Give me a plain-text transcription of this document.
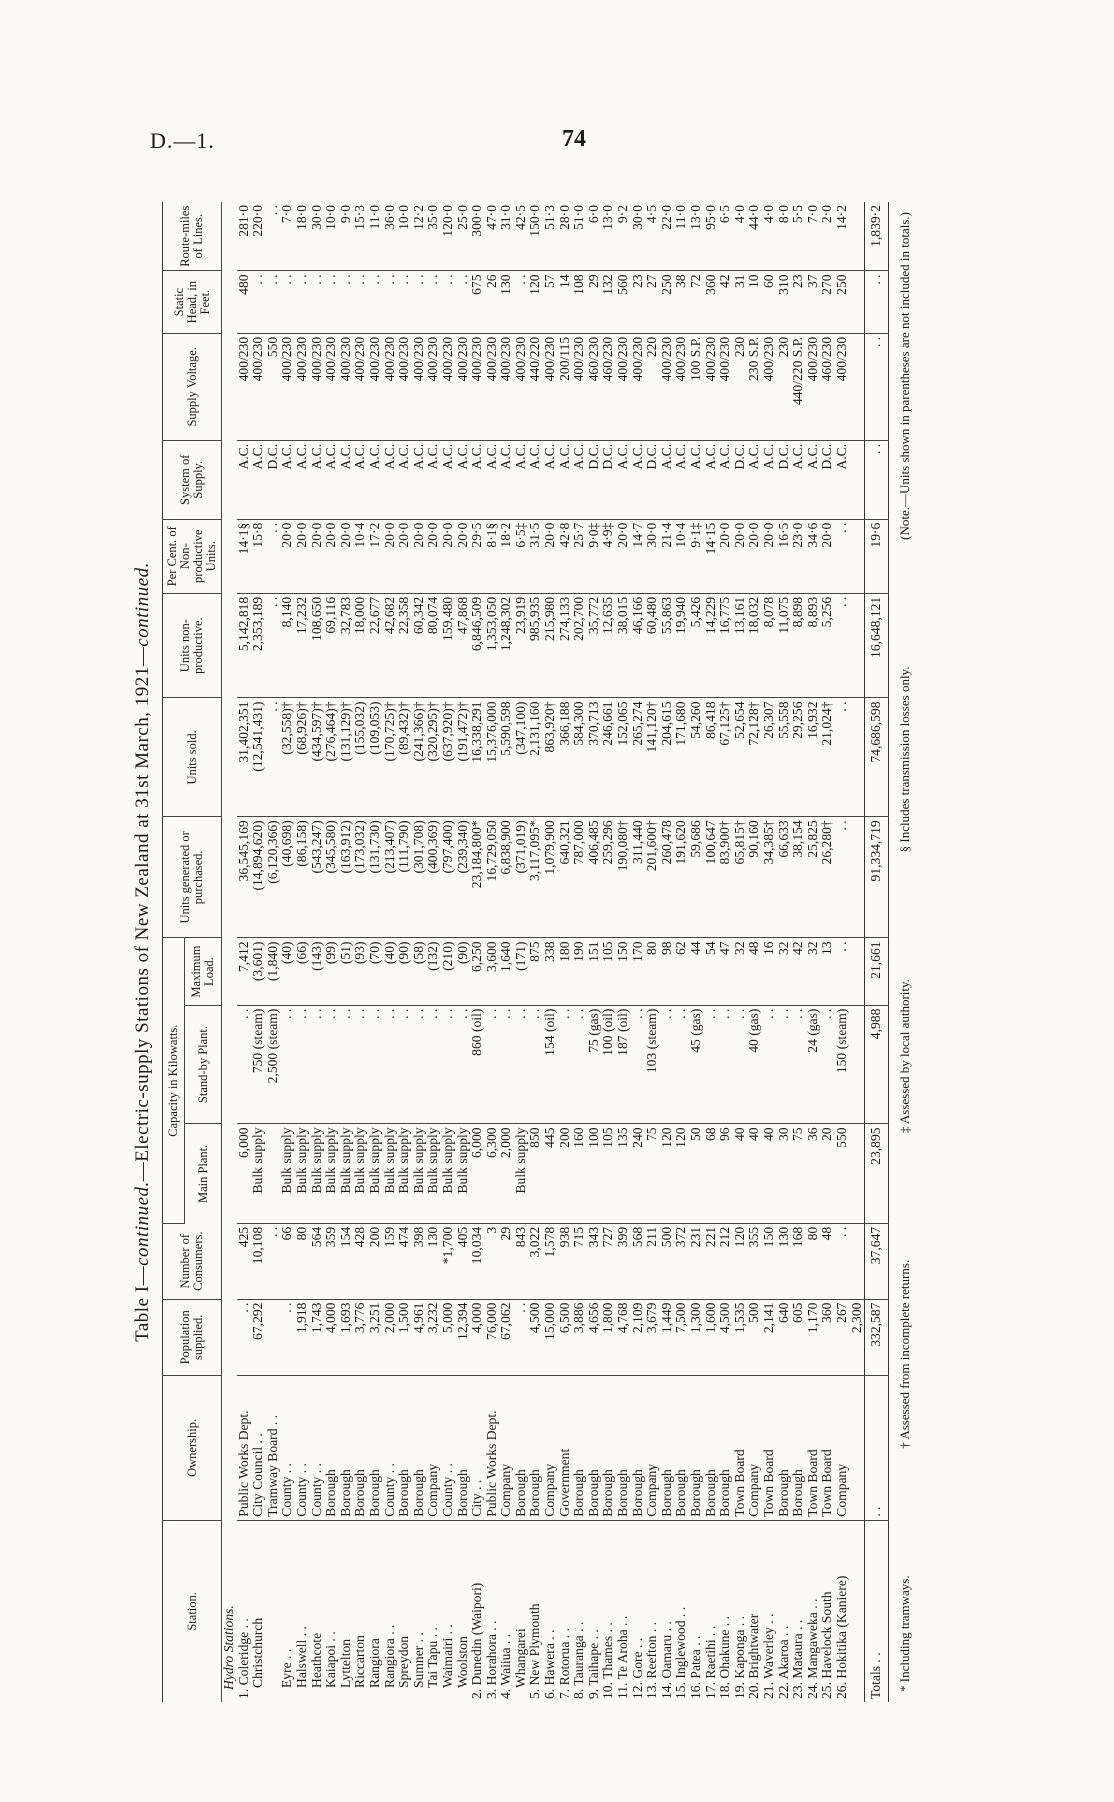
D.—1.	74
Table I—continued.—Electric-supply Stations of New Zealand at 31st March, 1921—continued.
Station.	Ownership.	Population supplied.	Number of Consumers.	Capacity in Kilowatts.			Units generated or purchased.	Units sold.	Units non-productive.	Per Cent. of Non-productive Units.	System of Supply.	Supply Voltage.	Static Head, in Feet.	Route-miles of Lines.
				Main Plant.	Stand-by Plant.	Maximum Load.								
Hydro Stations.														
1. Coleridge . .	Public Works Dept.	. .	425	6,000	. .	7,412	36,545,169	31,402,351	5,142,818	14·1§	A.C.	400/230	480	281·0
Christchurch	City Council . .	67,292	10,108	Bulk supply	750 (steam)	(3,601)	(14,894,620)	(12,541,431)	2,353,189	15·8	A.C.	400/230	. .	220·0
	Tramway Board . .		. .		2,500 (steam)	(1,840)	(6,120,366)	. .	. .	. .	D.C.	550	. .	. .
Eyre . .	County . .	. .	66	Bulk supply	. .	(40)	(40,698)	(32,558)†	8,140	20·0	A.C.	400/230	. .	7·0
Halswell . .	County . .	1,918	80	Bulk supply	. .	(66)	(86,158)	(68,926)†	17,232	20·0	A.C.	400/230	. .	18·0
Heathcote	County . .	1,743	564	Bulk supply	. .	(143)	(543,247)	(434,597)†	108,650	20·0	A.C.	400/230	. .	30·0
Kaiapoi . .	Borough	4,000	359	Bulk supply	. .	(99)	(345,580)	(276,464)†	69,116	20·0	A.C.	400/230	. .	10·0
Lyttelton	Borough	1,693	154	Bulk supply	. .	(51)	(163,912)	(131,129)†	32,783	20·0	A.C.	400/230	. .	9·0
Riccarton	Borough	3,776	428	Bulk supply	. .	(93)	(173,032)	(155,032)	18,000	10·4	A.C.	400/230	. .	15·3
Rangiora	Borough	3,251	200	Bulk supply	. .	(70)	(131,730)	(109,053)	22,677	17·2	A.C.	400/230	. .	11·0
Rangiora . .	County . .	2,000	159	Bulk supply	. .	(40)	(213,407)	(170,725)†	42,682	20·0	A.C.	400/230	. .	36·0
Spreydon	Borough	1,500	474	Bulk supply	. .	(90)	(111,790)	(89,432)†	22,358	20·0	A.C.	400/230	. .	10·0
Sumner . .	Borough	4,961	398	Bulk supply	. .	(58)	(301,708)	(241,366)†	60,342	20·0	A.C.	400/230	. .	12·2
Tai Tapu . .	Company	3,232	130	Bulk supply	. .	(132)	(400,369)	(320,295)†	80,074	20·0	A.C.	400/230	. .	35·0
Waimairi . .	County . .	5,000	*1,700	Bulk supply	. .	(210)	(797,400)	(637,920)†	159,480	20·0	A.C.	400/230	. .	120·0
Woolston	Borough	12,394	405	Bulk supply	. .	(90)	(239,340)	(191,472)†	47,868	20·0	A.C.	400/230	. .	25·0
2. Dunedin (Waipori)	City . .	4,000	10,034	6,000	860 (oil)	6,250	23,184,800*	16,338,291	6,846,509	29·5	A.C.	400/230	675	300·0
3. Horahora . .	Public Works Dept.	76,000	3	6,300	. .	3,600	16,729,050	15,376,000	1,353,050	8·1§	A.C.	400/230	26	47·0
4. Waiiua . .	Company	67,062	29	2,000	. .	1,640	6,838,900	5,590,598	1,248,302	18·2	A.C.	400/230	130	31·0
Whangarei	Borough	. .	843	Bulk supply	. .	(171)	(371,019)	(347,100)	23,919	6·5‡	A.C.	400/230	. .	42·5
5. New Plymouth	Borough	4,500	3,022	850	. .	875	3,117,095*	2,131,160	985,935	31·5	A.C.	440/220	120	150·0
6. Hawera . .	Company	15,000	1,578	445	154 (oil)	338	1,079,900	863,920†	215,980	20·0	A.C.	400/230	57	51·3
7. Rotorua . .	Government	6,500	938	200	. .	180	640,321	366,188	274,133	42·8	A.C.	200/115	14	28·0
8. Tauranga . .	Borough	3,886	715	160	. .	190	787,000	584,300	202,700	25·7	A.C.	400/230	108	51·0
9. Taihape . .	Borough	4,656	343	100	75 (gas)	151	406,485	370,713	35,772	9·0‡	D.C.	460/230	29	6·0
10. Thames . .	Borough	1,800	727	105	100 (oil)	105	259,296	246,661	12,635	4·9‡	D.C.	460/230	132	13·0
11. Te Aroha . .	Borough	4,768	399	135	187 (oil)	150	190,080†	152,065	38,015	20·0	A.C.	400/230	560	9·2
12. Gore . .	Borough	2,109	568	240	. .	170	311,440	265,274	46,166	14·7	A.C.	400/230	23	30·0
13. Reefton . .	Company	3,679	211	75	103 (steam)	80	201,600†	141,120†	60,480	30·0	D.C.	220	27	4·5
14. Oamaru . .	Borough	1,449	500	120	. .	98	260,478	204,615	55,863	21·4	A.C.	400/230	250	22·0
15. Inglewood . .	Borough	7,500	372	120	. .	62	191,620	171,680	19,940	10·4	A.C.	400/230	38	11·0
16. Patea . .	Borough	1,300	231	50	45 (gas)	44	59,686	54,260	5,426	9·1‡	A.C.	100 S.P.	72	13·0
17. Raetihi . .	Borough	1,600	221	68	. .	54	100,647	86,418	14,229	14·15	A.C.	400/230	360	95·0
18. Ohakune . .	Borough	4,500	212	96	. .	47	83,900†	67,125†	16,775	20·0	A.C.	400/230	42	6·5
19. Kaponga . .	Town Board	1,535	120	40	. .	32	65,815†	52,654	13,161	20·0	D.C.	230	31	4·0
20. Brightwater	Company	500	355	40	40 (gas)	48	90,160	72,128†	18,032	20·0	A.C.	230 S.P.	10	44·0
21. Waverley . .	Town Board	2,141	150	40	. .	16	34,385†	26,307	8,078	20·0	A.C.	400/230	60	4·0
22. Akaroa . .	Borough	640	130	30	. .	32	66,633	55,558	11,075	16·5	D.C.	230	310	8·0
23. Mataura . .	Borough	605	168	75	. .	42	38,154	29,256	8,898	23·0	A.C.	440/220 S.P.	23	5·5
24. Mangaweka . .	Town Board	1,170	80	36	24 (gas)	32	25,825	16,932	8,893	34·6	A.C.	400/230	37	7·0
25. Havelock South	Town Board	360	48	20	. .	13	26,280†	21,024†	5,256	20·0	D.C.	460/230	270	2·0
26. Hokitika (Kaniere)	Company	267	. .	550	150 (steam)	. .	. .	. .	. .	. .	A.C.	400/230	250	14·2
		2,300												
Totals . .	. .	332,587	37,647	23,895	4,988	21,661	91,334,719	74,686,598	16,648,121	19·6	. .	. .	. .	1,839·2
* Including tramways.
† Assessed from incomplete returns.
‡ Assessed by local authority.
§ Includes transmission losses only.
(Note.—Units shown in parentheses are not included in totals.)
